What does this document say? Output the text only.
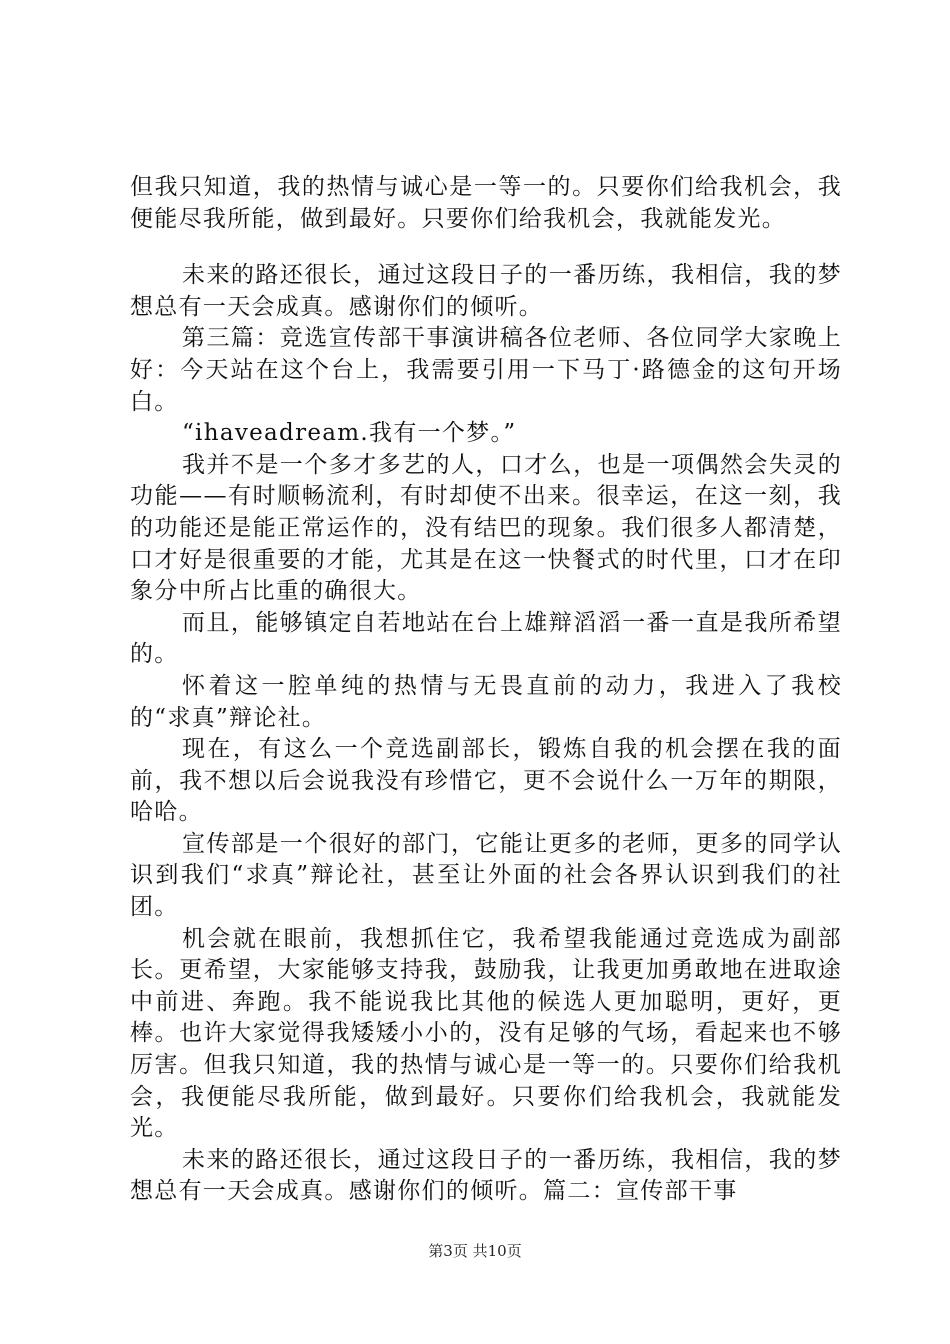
但我只知道，我的热情与诚心是一等一的。只要你们给我机会，我便能尽我所能，做到最好。只要你们给我机会，我就能发光。

未来的路还很长，通过这段日子的一番历练，我相信，我的梦想总有一天会成真。感谢你们的倾听。

第三篇：竞选宣传部干事演讲稿各位老师、各位同学大家晚上好：今天站在这个台上，我需要引用一下马丁·路德金的这句开场白。

“ihaveadream.我有一个梦。”

我并不是一个多才多艺的人，口才么，也是一项偶然会失灵的功能——有时顺畅流利，有时却使不出来。很幸运，在这一刻，我的功能还是能正常运作的，没有结巴的现象。我们很多人都清楚，口才好是很重要的才能，尤其是在这一快餐式的时代里，口才在印象分中所占比重的确很大。

而且，能够镇定自若地站在台上雄辩滔滔一番一直是我所希望的。

怀着这一腔单纯的热情与无畏直前的动力，我进入了我校的“求真”辩论社。

现在，有这么一个竞选副部长，锻炼自我的机会摆在我的面前，我不想以后会说我没有珍惜它，更不会说什么一万年的期限，哈哈。

宣传部是一个很好的部门，它能让更多的老师，更多的同学认识到我们“求真”辩论社，甚至让外面的社会各界认识到我们的社团。

机会就在眼前，我想抓住它，我希望我能通过竞选成为副部长。更希望，大家能够支持我，鼓励我，让我更加勇敢地在进取途中前进、奔跑。我不能说我比其他的候选人更加聪明，更好，更棒。也许大家觉得我矮矮小小的，没有足够的气场，看起来也不够厉害。但我只知道，我的热情与诚心是一等一的。只要你们给我机会，我便能尽我所能，做到最好。只要你们给我机会，我就能发光。

未来的路还很长，通过这段日子的一番历练，我相信，我的梦想总有一天会成真。感谢你们的倾听。篇二：宣传部干事

第3页 共10页
